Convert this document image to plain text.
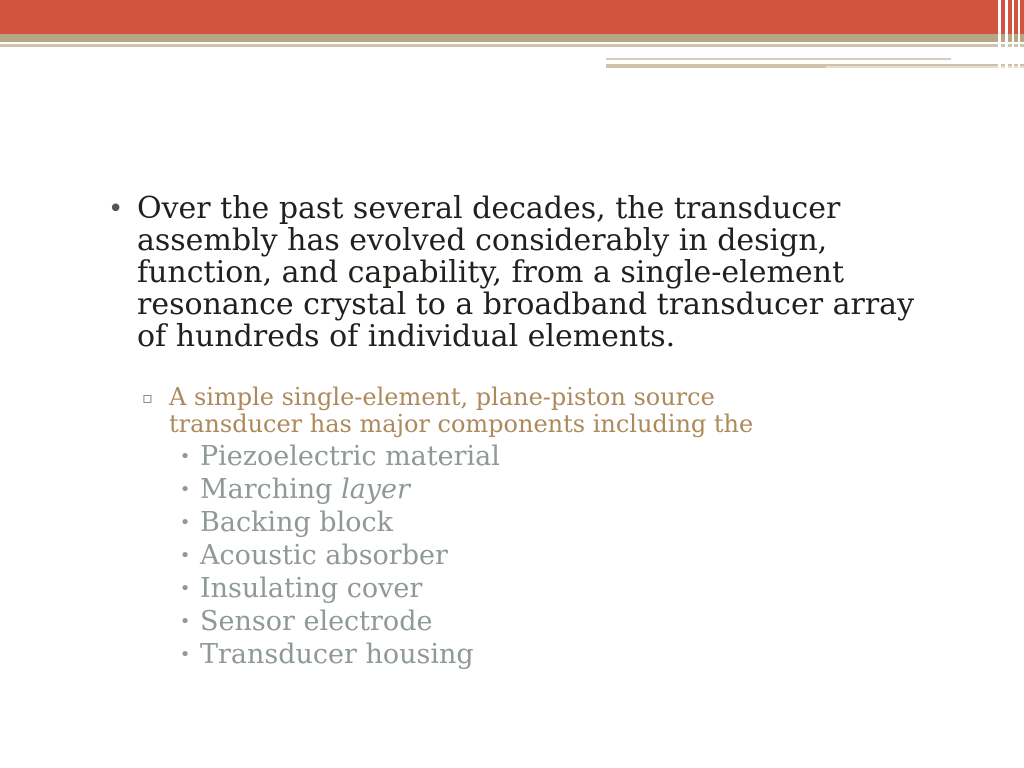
• Over the past several decades, the transducer assembly has evolved considerably in design, function, and capability, from a single-element resonance crystal to a broadband transducer array of hundreds of individual elements.
▫ A simple single-element, plane-piston source transducer has major components including the
• Piezoelectric material
• Marching layer
• Backing block
• Acoustic absorber
• Insulating cover
• Sensor electrode
• Transducer housing
